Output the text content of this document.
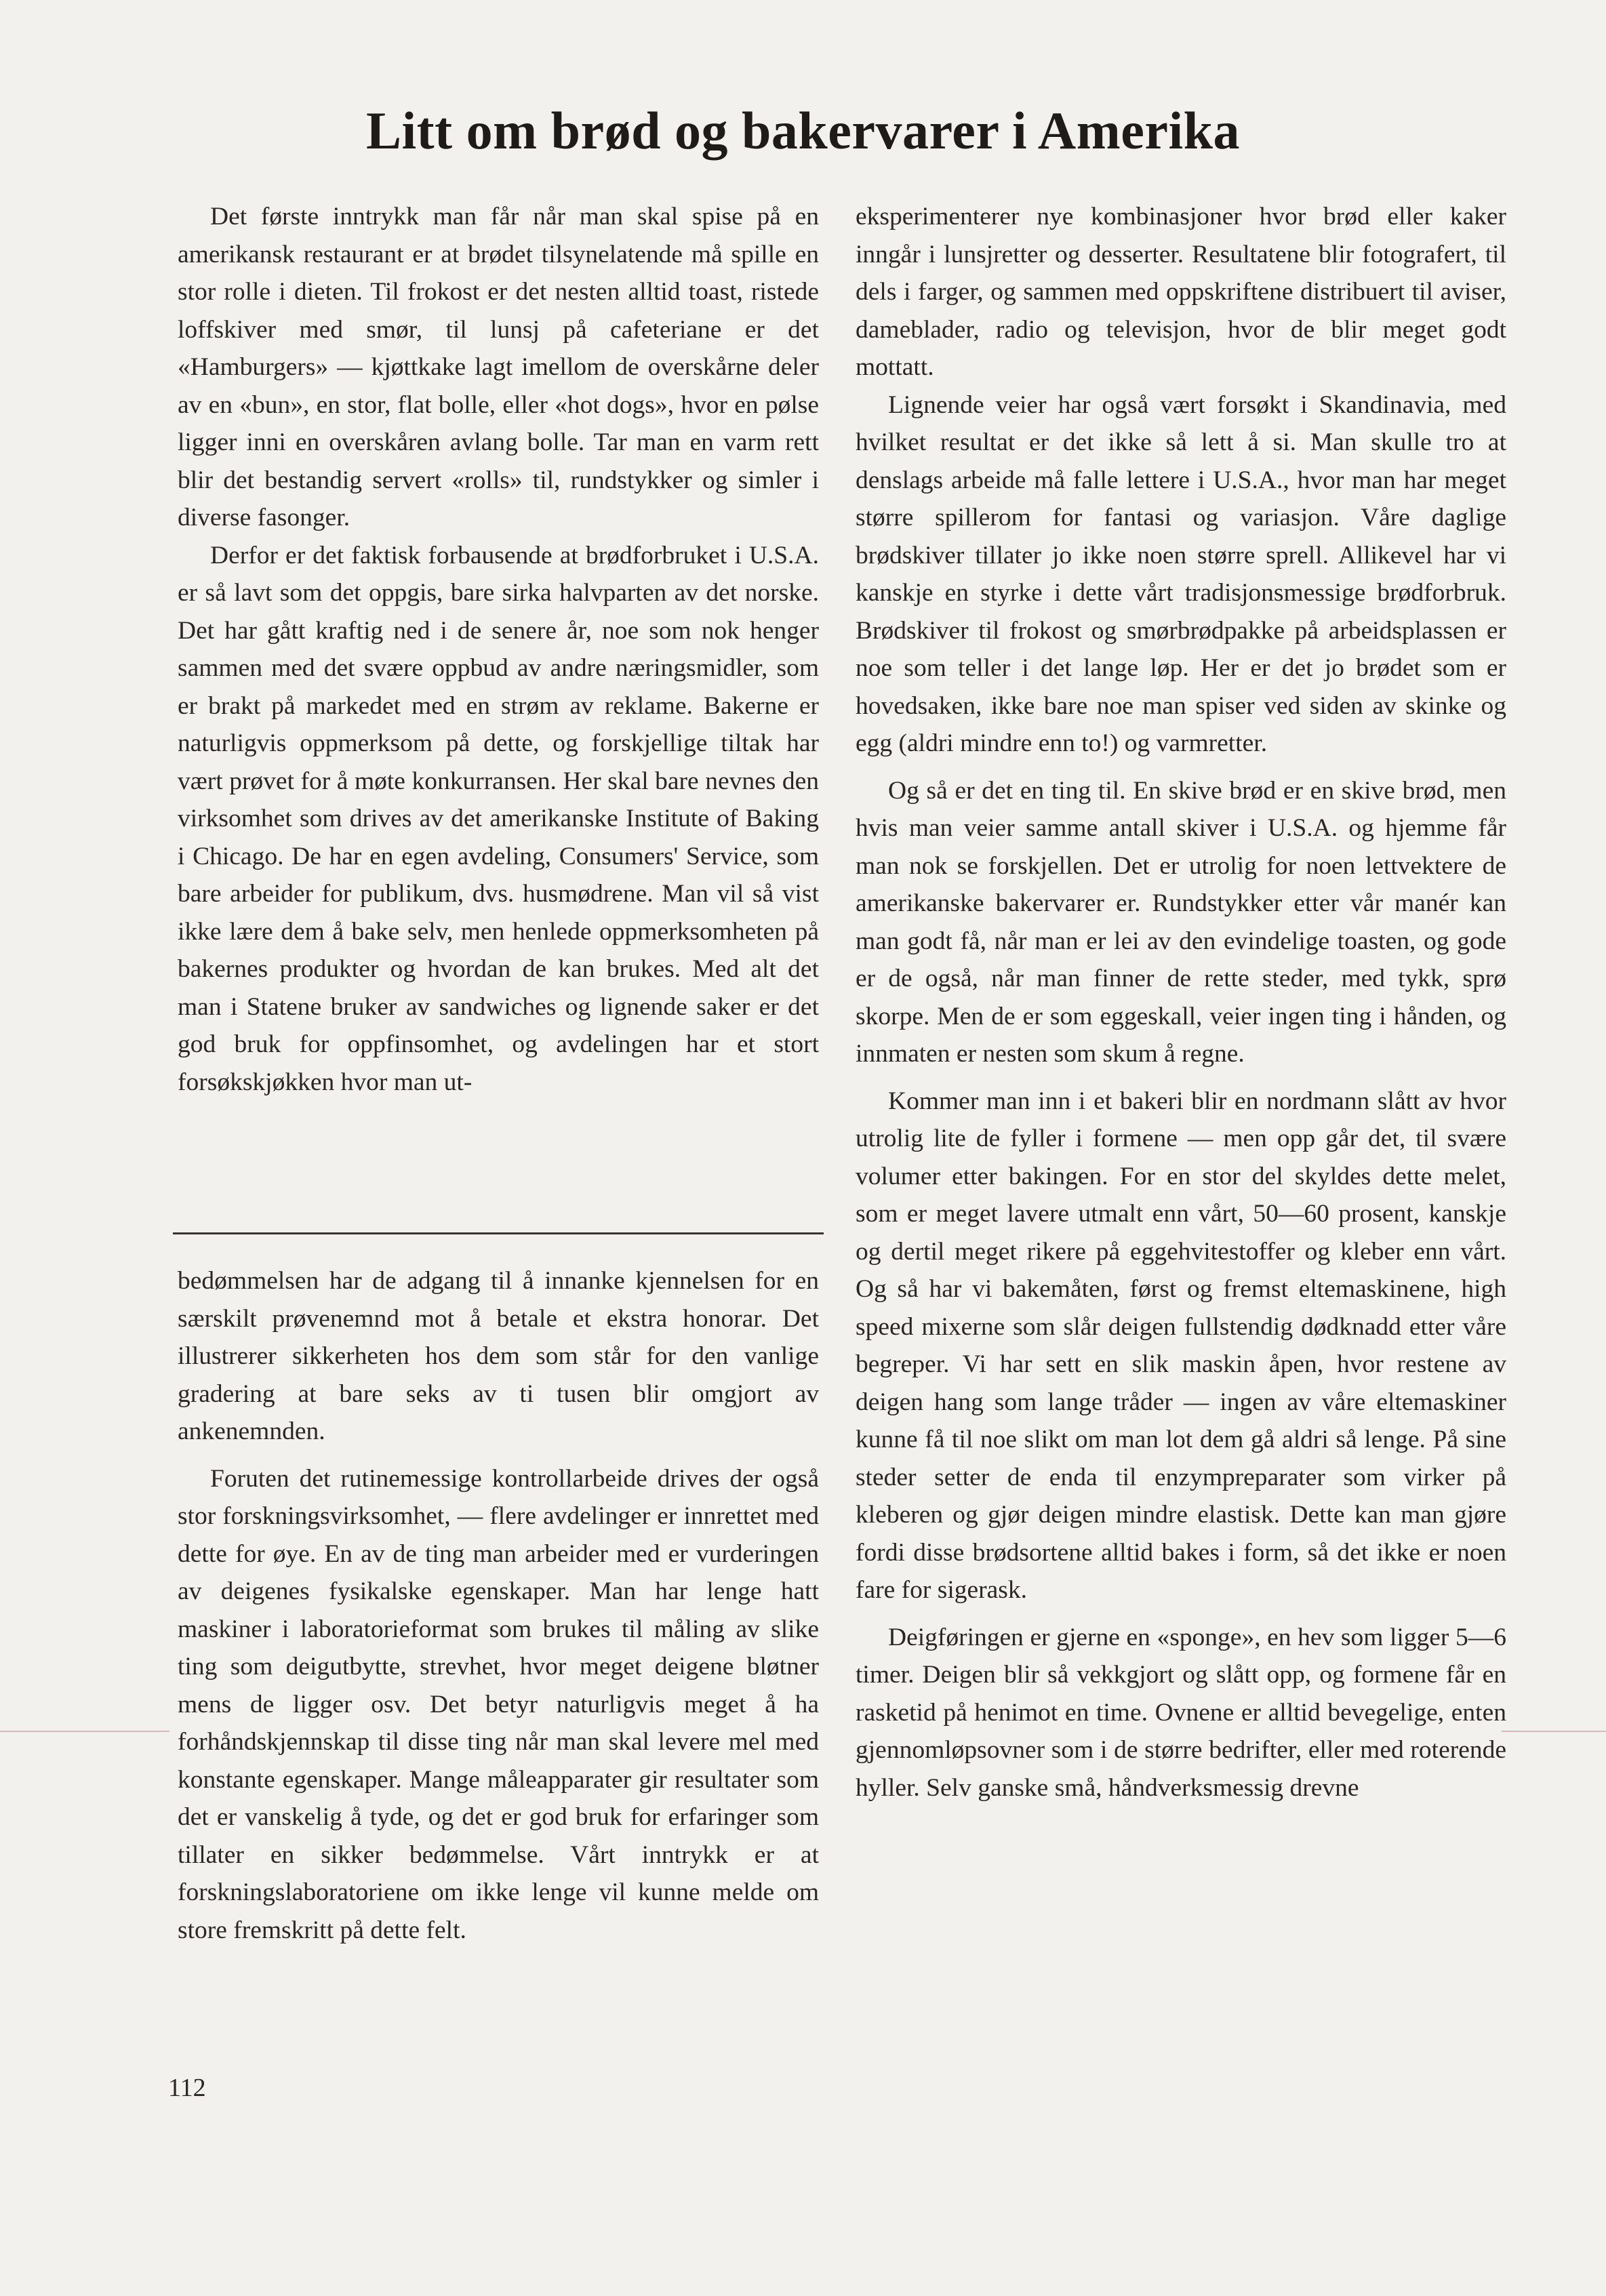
Litt om brød og bakervarer i Amerika

Det første inntrykk man får når man skal spise på en amerikansk restaurant er at brødet tilsynelatende må spille en stor rolle i dieten. Til frokost er det nesten alltid toast, ristede loffskiver med smør, til lunsj på cafeteriane er det «Hamburgers» — kjøttkake lagt imellom de overskårne deler av en «bun», en stor, flat bolle, eller «hot dogs», hvor en pølse ligger inni en overskåren avlang bolle. Tar man en varm rett blir det bestandig servert «rolls» til, rundstykker og simler i diverse fasonger.

Derfor er det faktisk forbausende at brødforbruket i U.S.A. er så lavt som det oppgis, bare sirka halvparten av det norske. Det har gått kraftig ned i de senere år, noe som nok henger sammen med det svære oppbud av andre næringsmidler, som er brakt på markedet med en strøm av reklame. Bakerne er naturligvis oppmerksom på dette, og forskjellige tiltak har vært prøvet for å møte konkurransen. Her skal bare nevnes den virksomhet som drives av det amerikanske Institute of Baking i Chicago. De har en egen avdeling, Consumers' Service, som bare arbeider for publikum, dvs. husmødrene. Man vil så vist ikke lære dem å bake selv, men henlede oppmerksomheten på bakernes produkter og hvordan de kan brukes. Med alt det man i Statene bruker av sandwiches og lignende saker er det god bruk for oppfinsomhet, og avdelingen har et stort forsøkskjøkken hvor man ut-

bedømmelsen har de adgang til å innanke kjennelsen for en særskilt prøvenemnd mot å betale et ekstra honorar. Det illustrerer sikkerheten hos dem som står for den vanlige gradering at bare seks av ti tusen blir omgjort av ankenemnden.

Foruten det rutinemessige kontrollarbeide drives der også stor forskningsvirksomhet, — flere avdelinger er innrettet med dette for øye. En av de ting man arbeider med er vurderingen av deigenes fysikalske egenskaper. Man har lenge hatt maskiner i laboratorieformat som brukes til måling av slike ting som deigutbytte, strevhet, hvor meget deigene bløtner mens de ligger osv. Det betyr naturligvis meget å ha forhåndskjennskap til disse ting når man skal levere mel med konstante egenskaper. Mange måleapparater gir resultater som det er vanskelig å tyde, og det er god bruk for erfaringer som tillater en sikker bedømmelse. Vårt inntrykk er at forskningslaboratoriene om ikke lenge vil kunne melde om store fremskritt på dette felt.

eksperimenterer nye kombinasjoner hvor brød eller kaker inngår i lunsjretter og desserter. Resultatene blir fotografert, til dels i farger, og sammen med oppskriftene distribuert til aviser, dameblader, radio og televisjon, hvor de blir meget godt mottatt.

Lignende veier har også vært forsøkt i Skandinavia, med hvilket resultat er det ikke så lett å si. Man skulle tro at denslags arbeide må falle lettere i U.S.A., hvor man har meget større spillerom for fantasi og variasjon. Våre daglige brødskiver tillater jo ikke noen større sprell. Allikevel har vi kanskje en styrke i dette vårt tradisjonsmessige brødforbruk. Brødskiver til frokost og smørbrødpakke på arbeidsplassen er noe som teller i det lange løp. Her er det jo brødet som er hovedsaken, ikke bare noe man spiser ved siden av skinke og egg (aldri mindre enn to!) og varmretter.

Og så er det en ting til. En skive brød er en skive brød, men hvis man veier samme antall skiver i U.S.A. og hjemme får man nok se forskjellen. Det er utrolig for noen lettvektere de amerikanske bakervarer er. Rundstykker etter vår manér kan man godt få, når man er lei av den evindelige toasten, og gode er de også, når man finner de rette steder, med tykk, sprø skorpe. Men de er som eggeskall, veier ingen ting i hånden, og innmaten er nesten som skum å regne.

Kommer man inn i et bakeri blir en nordmann slått av hvor utrolig lite de fyller i formene — men opp går det, til svære volumer etter bakingen. For en stor del skyldes dette melet, som er meget lavere utmalt enn vårt, 50—60 prosent, kanskje og dertil meget rikere på eggehvitestoffer og kleber enn vårt. Og så har vi bakemåten, først og fremst eltemaskinene, high speed mixerne som slår deigen fullstendig dødknadd etter våre begreper. Vi har sett en slik maskin åpen, hvor restene av deigen hang som lange tråder — ingen av våre eltemaskiner kunne få til noe slikt om man lot dem gå aldri så lenge. På sine steder setter de enda til enzympreparater som virker på kleberen og gjør deigen mindre elastisk. Dette kan man gjøre fordi disse brødsortene alltid bakes i form, så det ikke er noen fare for sigerask.

Deigføringen er gjerne en «sponge», en hev som ligger 5—6 timer. Deigen blir så vekkgjort og slått opp, og formene får en rasketid på henimot en time. Ovnene er alltid bevegelige, enten gjennomløpsovner som i de større bedrifter, eller med roterende hyller. Selv ganske små, håndverksmessig drevne

112
